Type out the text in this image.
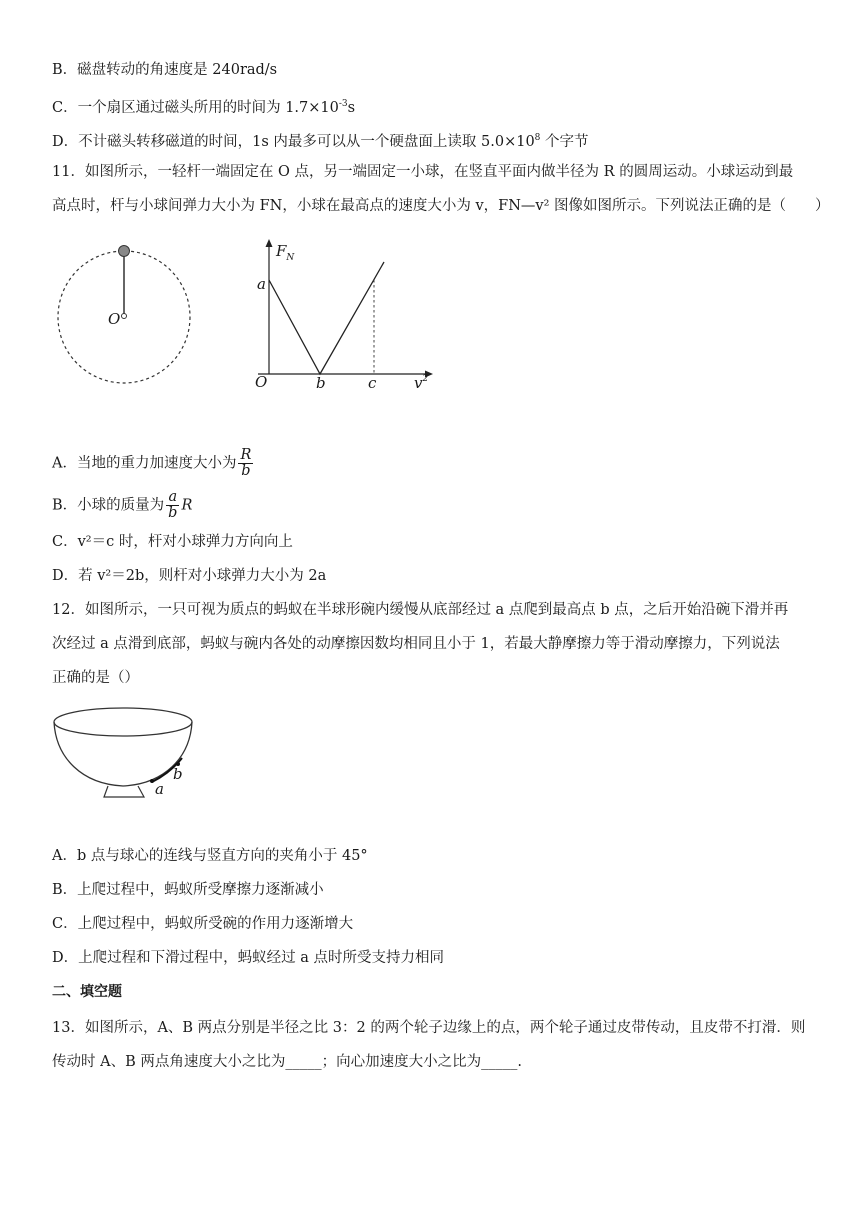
B．磁盘转动的角速度是 240rad/s
C．一个扇区通过磁头所用的时间为 $1.7\times 10^{-3}s$
D．不计磁头转移磁道的时间，1s 内最多可以从一个硬盘面上读取 $5.0\times 10^8$ 个字节
11．如图所示，一轻杆一端固定在 O 点，另一端固定一小球，在竖直平面内做半径为 R 的圆周运动。小球运动到最
高点时，杆与小球间弹力大小为 FN，小球在最高点的速度大小为 v，FN—v² 图像如图所示。下列说法正确的是（　　）
O
$F_N$
a
O	b	c	$v^2$
A．当地的重力加速度大小为 $\frac{R}{b}$
B．小球的质量为 $\frac{a}{b}$ R
C．v²＝c 时，杆对小球弹力方向向上
D．若 v²＝2b，则杆对小球弹力大小为 2a
12．如图所示，一只可视为质点的蚂蚁在半球形碗内缓慢从底部经过 a 点爬到最高点 b 点，之后开始沿碗下滑并再
次经过 a 点滑到底部，蚂蚁与碗内各处的动摩擦因数均相同且小于 1，若最大静摩擦力等于滑动摩擦力，下列说法
正确的是（）
b
a
A．b 点与球心的连线与竖直方向的夹角小于 45°
B．上爬过程中，蚂蚁所受摩擦力逐渐减小
C．上爬过程中，蚂蚁所受碗的作用力逐渐增大
D．上爬过程和下滑过程中，蚂蚁经过 a 点时所受支持力相同
二、填空题
13．如图所示，A、B 两点分别是半径之比 3：2 的两个轮子边缘上的点，两个轮子通过皮带传动，且皮带不打滑．则
传动时 A、B 两点角速度大小之比为_____；向心加速度大小之比为_____.
